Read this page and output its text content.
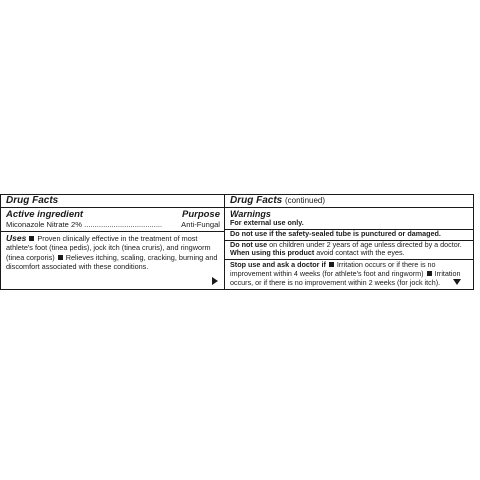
Drug Facts
Active ingredient	Purpose
Miconazole Nitrate 2% .....................................	Anti-Fungal
Uses Proven clinically effective in the treatment of most athlete's foot (tinea pedis), jock itch (tinea cruris), and ringworm (tinea corporis) Relieves itching, scaling, cracking, burning and discomfort associated with these conditions.
Drug Facts (continued)
Warnings
For external use only.
Do not use if the safety-sealed tube is punctured or damaged.
Do not use on children under 2 years of age unless directed by a doctor.
When using this product avoid contact with the eyes.
Stop use and ask a doctor if Irritation occurs or if there is no improvement within 4 weeks (for athlete's foot and ringworm) Irritation occurs, or if there is no improvement within 2 weeks (for jock itch).
